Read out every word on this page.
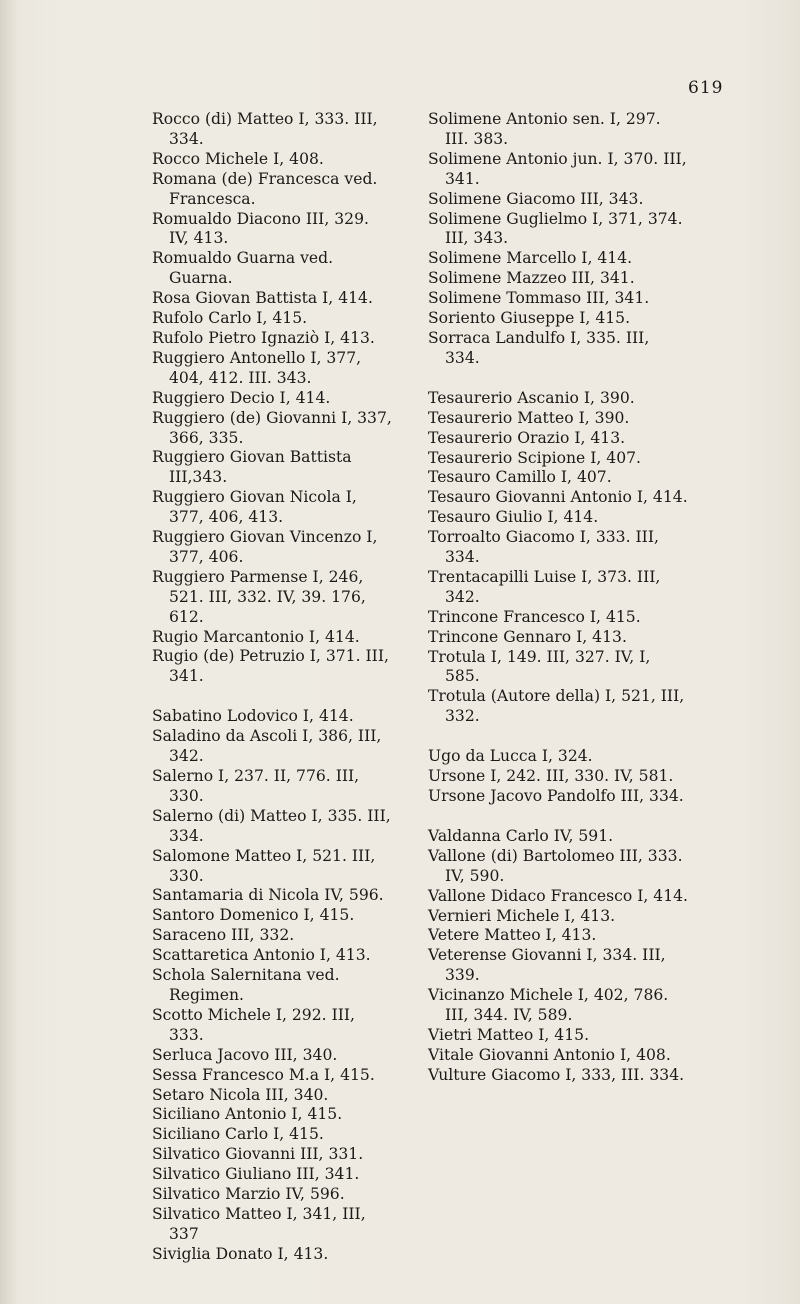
619
Rocco (di) Matteo I, 333. III, 334.
Rocco Michele I, 408.
Romana (de) Francesca ved. Francesca.
Romualdo Diacono III, 329. IV, 413.
Romualdo Guarna ved. Guarna.
Rosa Giovan Battista I, 414.
Rufolo Carlo I, 415.
Rufolo Pietro Ignaziò I, 413.
Ruggiero Antonello I, 377, 404, 412. III. 343.
Ruggiero Decio I, 414.
Ruggiero (de) Giovanni I, 337, 366, 335.
Ruggiero Giovan Battista III,343.
Ruggiero Giovan Nicola I, 377, 406, 413.
Ruggiero Giovan Vincenzo I, 377, 406.
Ruggiero Parmense I, 246, 521. III, 332. IV, 39. 176, 612.
Rugio Marcantonio I, 414.
Rugio (de) Petruzio I, 371. III, 341.
Sabatino Lodovico I, 414.
Saladino da Ascoli I, 386, III, 342.
Salerno I, 237. II, 776. III, 330.
Salerno (di) Matteo I, 335. III, 334.
Salomone Matteo I, 521. III, 330.
Santamaria di Nicola IV, 596.
Santoro Domenico I, 415.
Saraceno III, 332.
Scattaretica Antonio I, 413.
Schola Salernitana ved. Regimen.
Scotto Michele I, 292. III, 333.
Serluca Jacovo III, 340.
Sessa Francesco M.a I, 415.
Setaro Nicola III, 340.
Siciliano Antonio I, 415.
Siciliano Carlo I, 415.
Silvatico Giovanni III, 331.
Silvatico Giuliano III, 341.
Silvatico Marzio IV, 596.
Silvatico Matteo I, 341, III, 337
Siviglia Donato I, 413.
Solimene Antonio sen. I, 297. III. 383.
Solimene Antonio jun. I, 370. III, 341.
Solimene Giacomo III, 343.
Solimene Guglielmo I, 371, 374. III, 343.
Solimene Marcello I, 414.
Solimene Mazzeo III, 341.
Solimene Tommaso III, 341.
Soriento Giuseppe I, 415.
Sorraca Landulfo I, 335. III, 334.
Tesaurerio Ascanio I, 390.
Tesaurerio Matteo I, 390.
Tesaurerio Orazio I, 413.
Tesaurerio Scipione I, 407.
Tesauro Camillo I, 407.
Tesauro Giovanni Antonio I, 414.
Tesauro Giulio I, 414.
Torroalto Giacomo I, 333. III, 334.
Trentacapilli Luise I, 373. III, 342.
Trincone Francesco I, 415.
Trincone Gennaro I, 413.
Trotula I, 149. III, 327. IV, I, 585.
Trotula (Autore della) I, 521, III, 332.
Ugo da Lucca I, 324.
Ursone I, 242. III, 330. IV, 581.
Ursone Jacovo Pandolfo III, 334.
Valdanna Carlo IV, 591.
Vallone (di) Bartolomeo III, 333. IV, 590.
Vallone Didaco Francesco I, 414.
Vernieri Michele I, 413.
Vetere Matteo I, 413.
Veterense Giovanni I, 334. III, 339.
Vicinanzo Michele I, 402, 786. III, 344. IV, 589.
Vietri Matteo I, 415.
Vitale Giovanni Antonio I, 408.
Vulture Giacomo I, 333, III. 334.
